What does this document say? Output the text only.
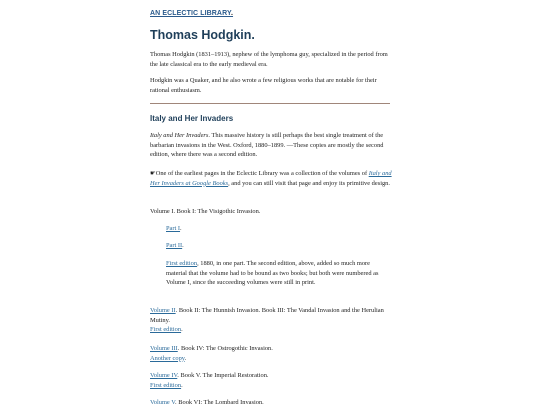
AN ECLECTIC LIBRARY.
Thomas Hodgkin.

Thomas Hodgkin (1831–1913), nephew of the lymphoma guy, specialized in the period from the late classical era to the early medieval era.

Hodgkin was a Quaker, and he also wrote a few religious works that are notable for their rational enthusiasm.

Italy and Her Invaders

Italy and Her Invaders. This massive history is still perhaps the best single treatment of the barbarian invasions in the West. Oxford, 1880–1899. —These copies are mostly the second edition, where there was a second edition.

☛One of the earliest pages in the Eclectic Library was a collection of the volumes of Italy and Her Invaders at Google Books, and you can still visit that page and enjoy its primitive design.

Volume I. Book I: The Visigothic Invasion.

Part I.

Part II.

First edition, 1880, in one part. The second edition, above, added so much more material that the volume had to be bound as two books; but both were numbered as Volume I, since the succeeding volumes were still in print.

Volume II. Book II: The Hunnish Invasion. Book III: The Vandal Invasion and the Herulian Mutiny.
First edition.

Volume III. Book IV: The Ostrogothic Invasion.
Another copy.

Volume IV. Book V. The Imperial Restoration.
First edition.

Volume V. Book VI: The Lombard Invasion.
